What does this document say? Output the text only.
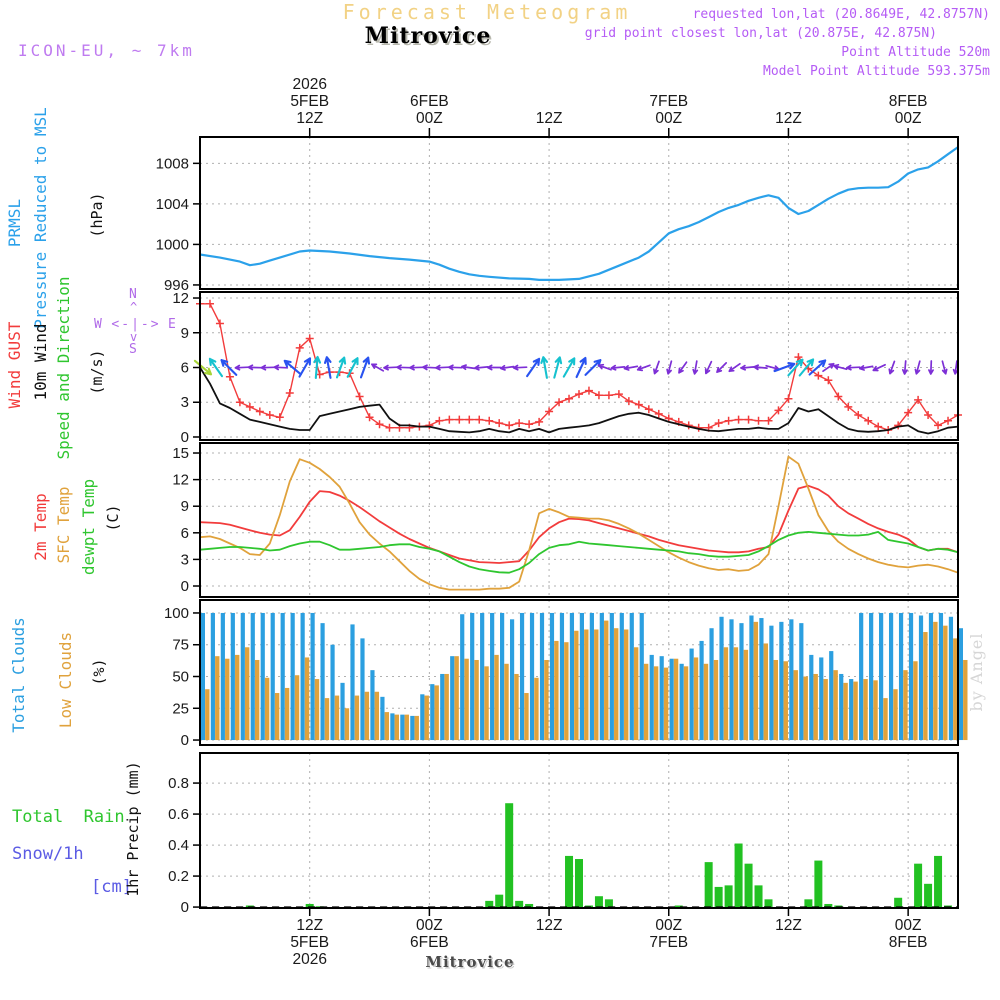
Forecast Meteogram
Mitrovice
ICON-EU, ~ 7km
requested lon,lat (20.8649E, 42.8757N)
grid point closest lon,lat (20.875E, 42.875N)
Point Altitude 520m
Model Point Altitude 593.375m
PRMSL Pressure Reduced to MSL	(hPa)
Wind GUST 10m Wind Speed and Direction (m/s)
N
^
W <-|-> E
v
S
2m Temp SFC Temp dewpt Temp (C)
Total Clouds Low Clouds (%)
Total  Rain
Snow/1h
[cm]
1hr Precip (mm)
Mitrovice
by Angel
996
1000
1004
1008
0
3
6
9
12
0
3
6
9
12
15
0
25
50
75
100
0
0.2
0.4
0.6
0.8
12Z
5FEB
2026
00Z
6FEB
12Z	00Z
7FEB
12Z	00Z
8FEB
12Z
5FEB
2026
00Z
6FEB
12Z	00Z
7FEB
12Z	00Z
8FEB
